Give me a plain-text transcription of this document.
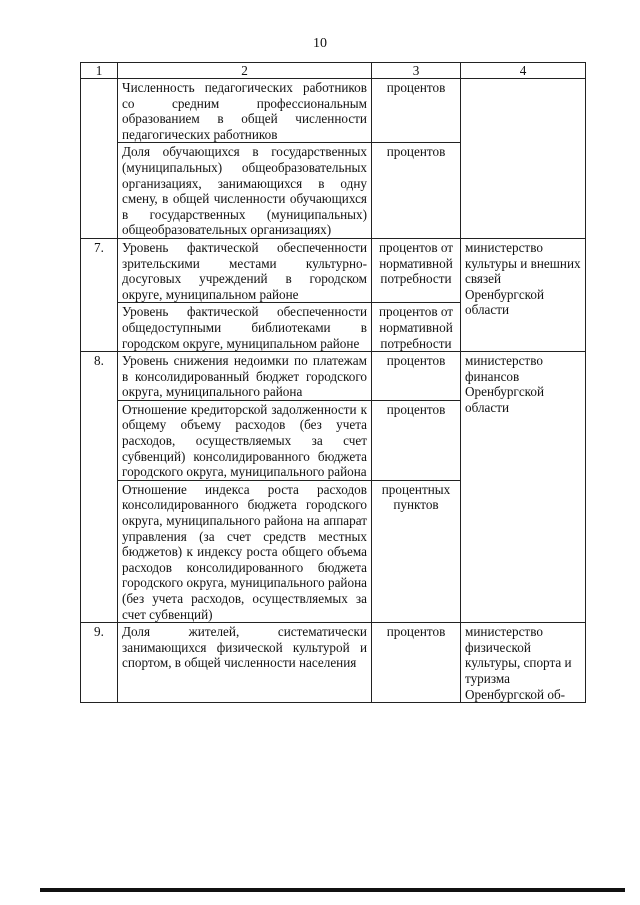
10
1	2	3	4
	Численность педагогических работников со средним профессиональным образованием в общей численности педагогических работников	процентов	
	Доля обучающихся в государственных (муниципальных) общеобразовательных организациях, занимающихся в одну смену, в общей численности обучающихся в государственных (муниципальных) общеобразовательных организациях)	процентов	
7.	Уровень фактической обеспеченности зрительскими местами культурно-досуговых учреждений в городском округе, муниципальном районе	процентов от нормативной потребности	министерство культуры и внешних связей Оренбургской области
	Уровень фактической обеспеченности общедоступными библиотеками в городском округе, муниципальном районе	процентов от нормативной потребности	
8.	Уровень снижения недоимки по платежам в консолидированный бюджет городского округа, муниципального района	процентов	министерство финансов Оренбургской области
	Отношение кредиторской задолженности к общему объему расходов (без учета расходов, осуществляемых за счет субвенций) консолидированного бюджета городского округа, муниципального района	процентов	
	Отношение индекса роста расходов консолидированного бюджета городского округа, муниципального района на аппарат управления (за счет средств местных бюджетов) к индексу роста общего объема расходов консолидированного бюджета городского округа, муниципального района (без учета расходов, осуществляемых за счет субвенций)	процентных пунктов	
9.	Доля жителей, систематически занимающихся физической культурой и спортом, в общей численности населения	процентов	министерство физической культуры, спорта и туризма Оренбургской об-
